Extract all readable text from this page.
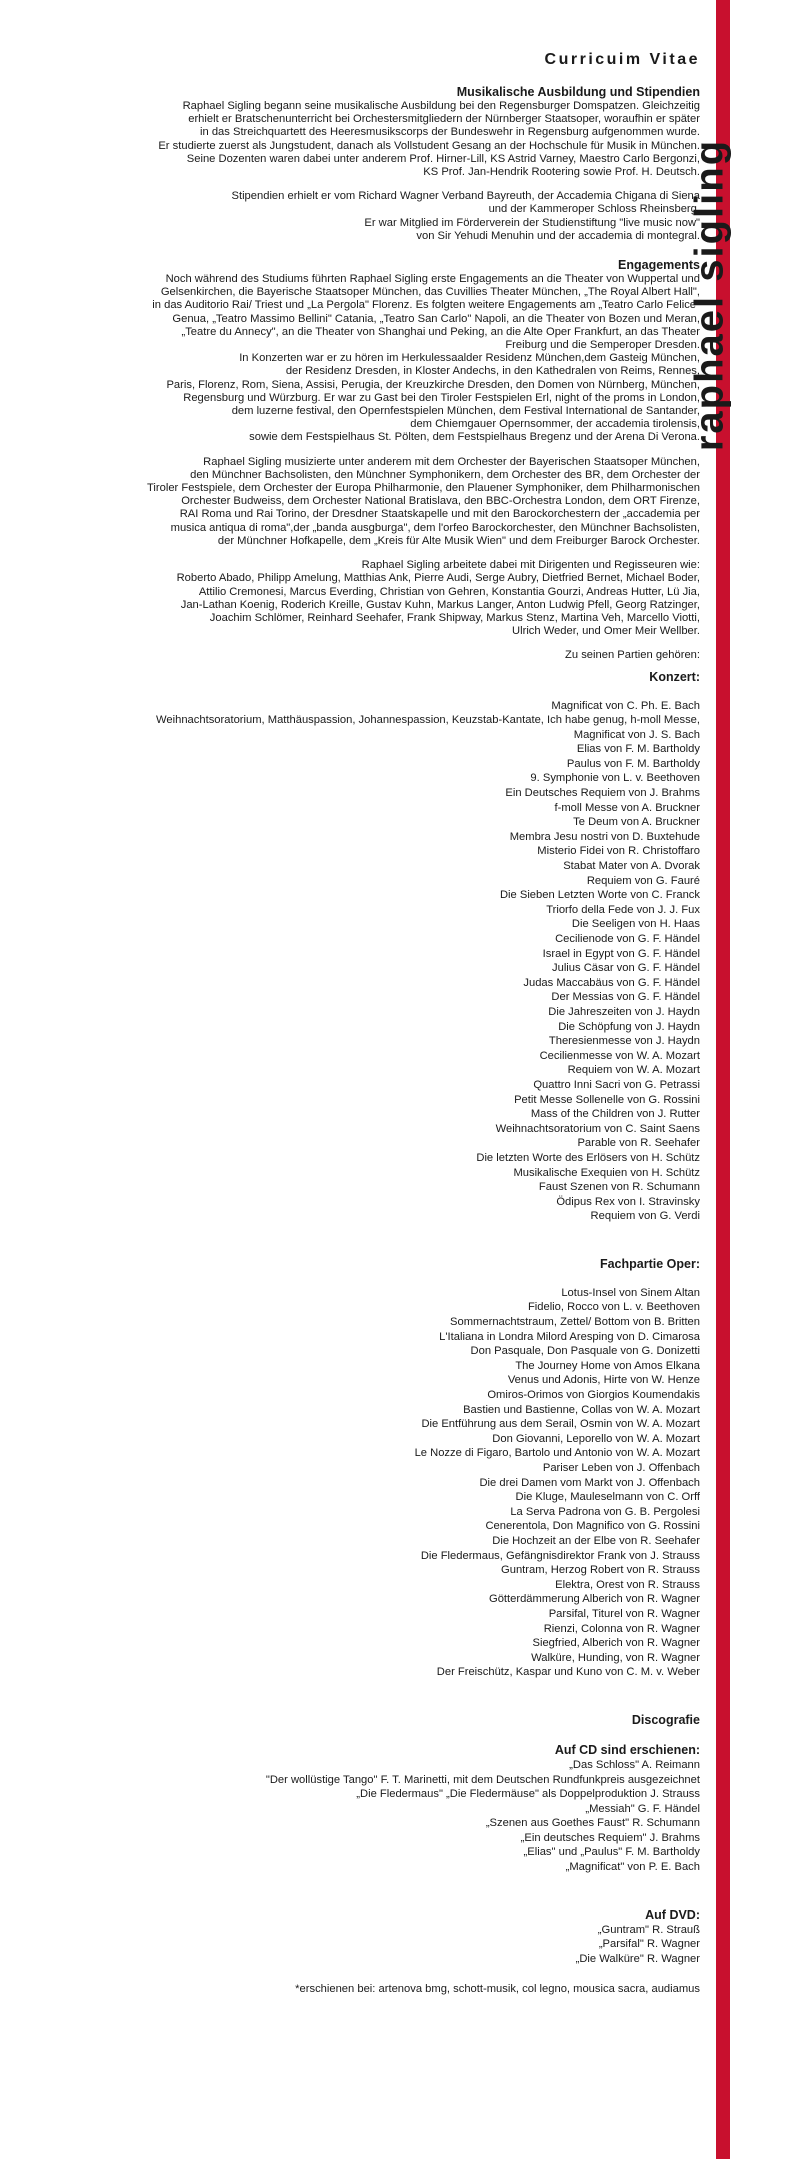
raphael sigling
Curricuim Vitae
Musikalische Ausbildung und Stipendien
Raphael Sigling begann seine musikalische Ausbildung bei den Regensburger Domspatzen. Gleichzeitig
erhielt er Bratschenunterricht bei Orchestersmitgliedern der Nürnberger Staatsoper, woraufhin er später
in das Streichquartett des Heeresmusikscorps der Bundeswehr in Regensburg aufgenommen wurde.
Er studierte zuerst als Jungstudent, danach als Vollstudent Gesang an der Hochschule für Musik in München.
Seine Dozenten waren dabei unter anderem Prof. Hirner-Lill, KS Astrid Varney, Maestro Carlo Bergonzi,
KS Prof. Jan-Hendrik Rootering sowie Prof. H. Deutsch.
Stipendien erhielt er vom Richard Wagner Verband Bayreuth, der Accademia Chigana di Siena
und der Kammeroper Schloss Rheinsberg.
Er war Mitglied im Förderverein der Studienstiftung "live music now"
von Sir Yehudi Menuhin und der accademia di montegral.
Engagements
Noch während des Studiums führten Raphael Sigling erste Engagements an die Theater von Wuppertal und
Gelsenkirchen, die Bayerische Staatsoper München, das Cuvillies Theater München, „The Royal Albert Hall",
in das Auditorio Rai/ Triest und „La Pergola" Florenz. Es folgten weitere Engagements am „Teatro Carlo Felice"
Genua, „Teatro Massimo Bellini" Catania, „Teatro San Carlo" Napoli, an die Theater von Bozen und Meran,
„Teatre du Annecy", an die Theater von Shanghai und Peking, an die Alte Oper Frankfurt, an das Theater
Freiburg und die Semperoper Dresden.
In Konzerten war er zu hören im Herkulessaalder Residenz München,dem Gasteig München,
der Residenz Dresden, in Kloster Andechs, in den Kathedralen von Reims, Rennes,
Paris, Florenz, Rom, Siena, Assisi, Perugia, der Kreuzkirche Dresden, den Domen von Nürnberg, München,
Regensburg und Würzburg. Er war zu Gast bei den Tiroler Festspielen Erl, night of the proms in London,
dem luzerne festival, den Opernfestspielen München, dem Festival International de Santander,
dem Chiemgauer Opernsommer, der accademia tirolensis,
sowie dem Festspielhaus St. Pölten, dem Festspielhaus Bregenz und der Arena Di Verona.
Raphael Sigling musizierte unter anderem mit dem Orchester der Bayerischen Staatsoper München,
den Münchner Bachsolisten, den Münchner Symphonikern, dem Orchester des BR, dem Orchester der
Tiroler Festspiele, dem Orchester der Europa Philharmonie, den Plauener Symphoniker, dem Philharmonischen
Orchester Budweiss, dem Orchester National Bratislava, den BBC-Orchestra London, dem ORT Firenze,
RAI Roma und Rai Torino, der Dresdner Staatskapelle und mit den Barockorchestern der „accademia per
musica antiqua di roma",der „banda ausgburga", dem l'orfeo Barockorchester, den Münchner Bachsolisten,
der Münchner Hofkapelle, dem „Kreis für Alte Musik Wien" und dem Freiburger Barock Orchester.
Raphael Sigling arbeitete dabei mit Dirigenten und Regisseuren wie:
Roberto Abado, Philipp Amelung, Matthias Ank, Pierre Audi, Serge Aubry, Dietfried Bernet, Michael Boder,
Attilio Cremonesi, Marcus Everding, Christian von Gehren, Konstantia Gourzi, Andreas Hutter, Lü Jia,
Jan-Lathan Koenig, Roderich Kreille, Gustav Kuhn, Markus Langer, Anton Ludwig Pfell, Georg Ratzinger,
Joachim Schlömer, Reinhard Seehafer, Frank Shipway, Markus Stenz, Martina Veh, Marcello Viotti,
Ulrich Weder, und Omer Meir Wellber.
Zu seinen Partien gehören:
Konzert:
Magnificat von C. Ph. E. Bach
Weihnachtsoratorium, Matthäuspassion, Johannespassion, Keuzstab-Kantate, Ich habe genug, h-moll Messe,
Magnificat von J. S. Bach
Elias von F. M. Bartholdy
Paulus von F. M. Bartholdy
9. Symphonie von L. v. Beethoven
Ein Deutsches Requiem von J. Brahms
f-moll Messe von A. Bruckner
Te Deum von A. Bruckner
Membra Jesu nostri von D. Buxtehude
Misterio Fidei von R. Christoffaro
Stabat Mater von A. Dvorak
Requiem von G. Fauré
Die Sieben Letzten Worte von C. Franck
Triorfo della Fede von J. J. Fux
Die Seeligen von H. Haas
Cecilienode von G. F. Händel
Israel in Egypt von G. F. Händel
Julius Cäsar von G. F. Händel
Judas Maccabäus von G. F. Händel
Der Messias von G. F. Händel
Die Jahreszeiten von J. Haydn
Die Schöpfung von J. Haydn
Theresienmesse von J. Haydn
Cecilienmesse von W. A. Mozart
Requiem von W. A. Mozart
Quattro Inni Sacri von G. Petrassi
Petit Messe Sollenelle von G. Rossini
Mass of the Children von J. Rutter
Weihnachtsoratorium von C. Saint Saens
Parable von R. Seehafer
Die letzten Worte des Erlösers von H. Schütz
Musikalische Exequien von H. Schütz
Faust Szenen von R. Schumann
Ödipus Rex von I. Stravinsky
Requiem von G. Verdi
Fachpartie Oper:
Lotus-Insel von Sinem Altan
Fidelio, Rocco von L. v. Beethoven
Sommernachtstraum, Zettel/ Bottom von B. Britten
L'Italiana in Londra Milord Aresping von D. Cimarosa
Don Pasquale, Don Pasquale von G. Donizetti
The Journey Home von Amos Elkana
Venus und Adonis, Hirte von W. Henze
Omiros-Orimos von Giorgios Koumendakis
Bastien und Bastienne, Collas von W. A. Mozart
Die Entführung aus dem Serail, Osmin von W. A. Mozart
Don Giovanni, Leporello von W. A. Mozart
Le Nozze di Figaro, Bartolo und Antonio von W. A. Mozart
Pariser Leben von J. Offenbach
Die drei Damen vom Markt von J. Offenbach
Die Kluge, Mauleselmann von C. Orff
La Serva Padrona von G. B. Pergolesi
Cenerentola, Don Magnifico von G. Rossini
Die Hochzeit an der Elbe von R. Seehafer
Die Fledermaus, Gefängnisdirektor Frank von J. Strauss
Guntram, Herzog Robert von R. Strauss
Elektra, Orest von R. Strauss
Götterdämmerung Alberich von R. Wagner
Parsifal, Titurel von R. Wagner
Rienzi, Colonna von R. Wagner
Siegfried, Alberich von R. Wagner
Walküre, Hunding, von R. Wagner
Der Freischütz, Kaspar und Kuno von C. M. v. Weber
Discografie
Auf CD sind erschienen:
„Das Schloss" A. Reimann
"Der wollüstige Tango" F. T. Marinetti, mit dem Deutschen Rundfunkpreis ausgezeichnet
„Die Fledermaus" „Die Fledermäuse" als Doppelproduktion J. Strauss
„Messiah" G. F. Händel
„Szenen aus Goethes Faust" R. Schumann
„Ein deutsches Requiem" J. Brahms
„Elias" und „Paulus" F. M. Bartholdy
„Magnificat" von P. E. Bach
Auf DVD:
„Guntram" R. Strauß
„Parsifal" R. Wagner
„Die Walküre" R. Wagner
*erschienen bei: artenova bmg, schott-musik, col legno, mousica sacra, audiamus
